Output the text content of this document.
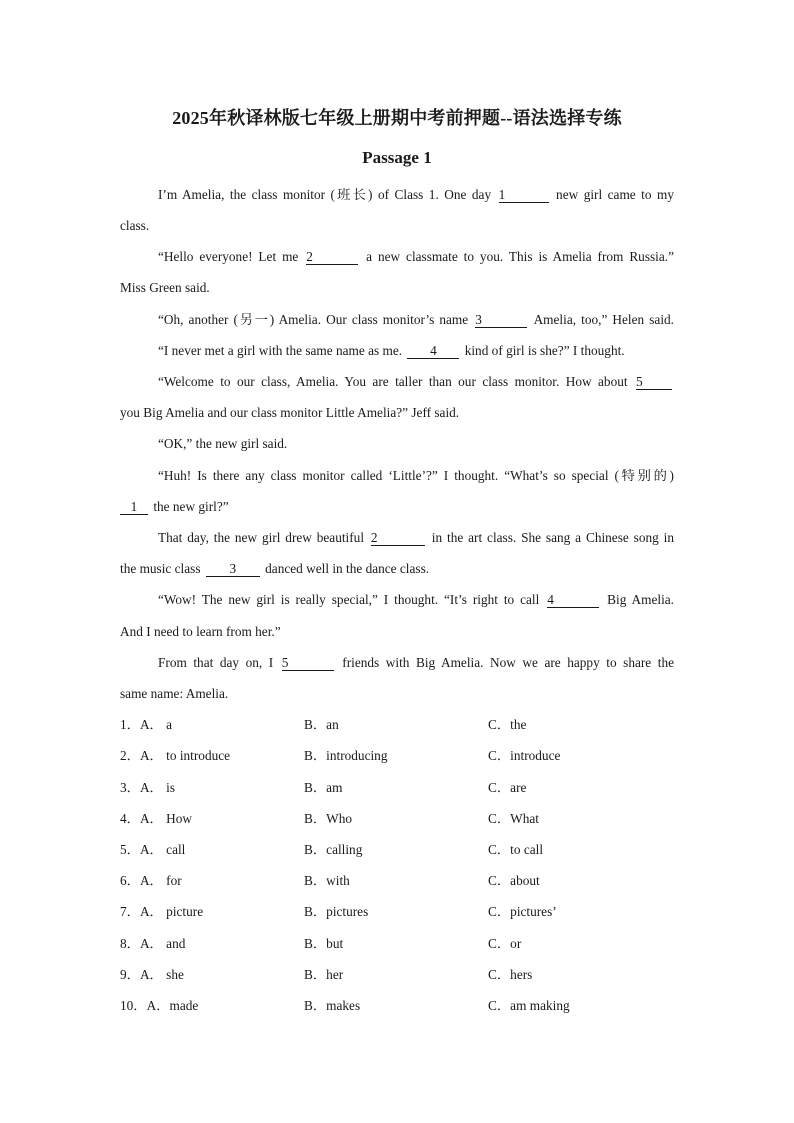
2025年秋译林版七年级上册期中考前押题--语法选择专练
Passage 1
I’m Amelia, the class monitor (班长) of Class 1. One day 1	new girl came to my
class.
“Hello everyone! Let me 2	a new classmate to you. This is Amelia from Russia.”
Miss Green said.
“Oh, another (另一) Amelia. Our class monitor’s name 3	Amelia, too,” Helen said.
“I never met a girl with the same name as me. 4 kind of girl is she?” I thought.
“Welcome to our class, Amelia. You are taller than our class monitor. How about 5
you Big Amelia and our class monitor Little Amelia?” Jeff said.
“OK,” the new girl said.
“Huh! Is there any class monitor called ‘Little’?” I thought. “What’s so special (特别的)
1 the new girl?”
That day, the new girl drew beautiful 2	in the art class. She sang a Chinese song in
the music class 3 danced well in the dance class.
“Wow! The new girl is really special,” I thought. “It’s right to call 4	Big Amelia.
And I need to learn from her.”
From that day on, I 5	friends with Big Amelia. Now we are happy to share the
same name: Amelia.
1．A． a	B．an	C．the
2．A． to introduce	B．introducing	C．introduce
3．A． is	B．am	C．are
4．A． How	B．Who	C．What
5．A． call	B．calling	C．to call
6．A． for	B．with	C．about
7．A． picture	B．pictures	C．pictures’
8．A． and	B．but	C．or
9．A． she	B．her	C．hers
10．A．made	B．makes	C．am making
